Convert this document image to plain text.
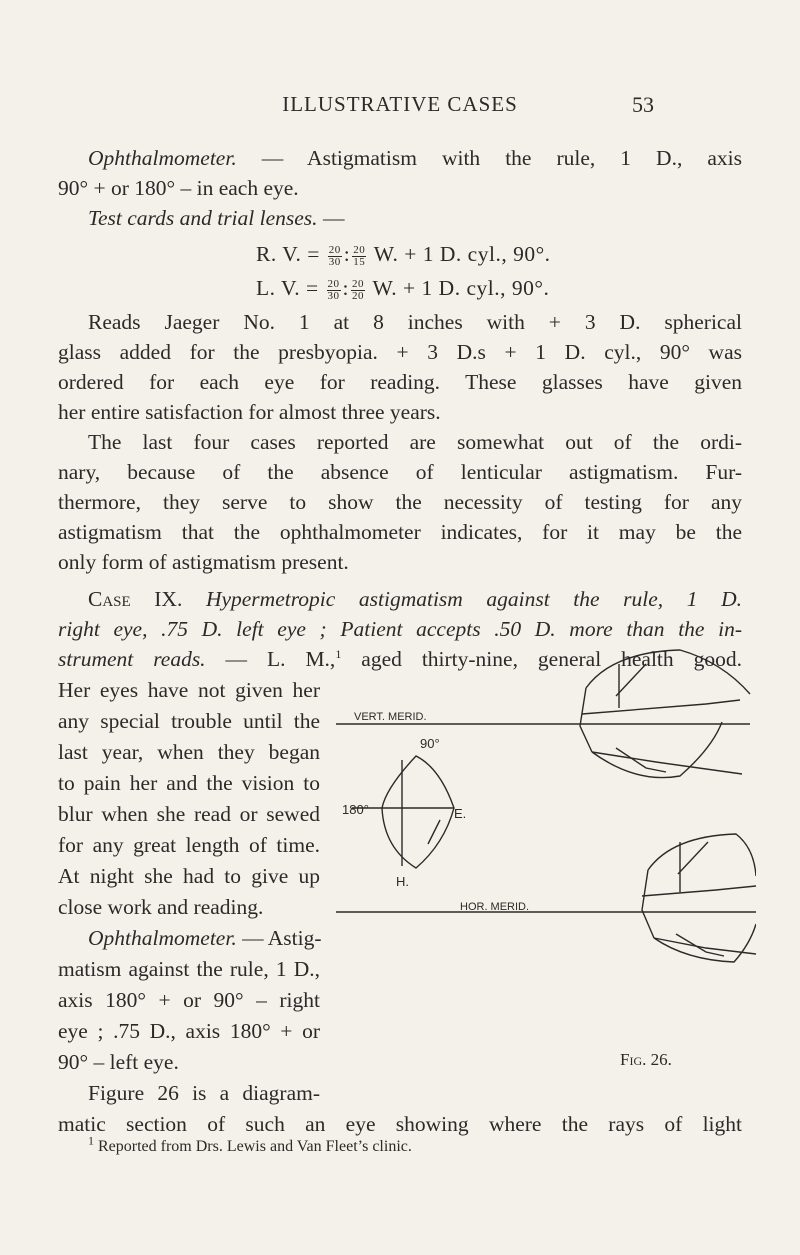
ILLUSTRATIVE CASES	53
Ophthalmometer. — Astigmatism with the rule, 1 D., axis
90° + or 180° – in each eye.
Test cards and trial lenses. —
R. V. = $\frac{20}{30}$ : $\frac{20}{15} W$. + 1 D. cyl., 90°.
L. V. = $\frac{20}{30}$ : $\frac{20}{20} W$. + 1 D. cyl., 90°.
Reads Jaeger No. 1 at 8 inches with + 3 D. spherical
glass added for the presbyopia. + 3 D.s + 1 D. cyl., 90° was
ordered for each eye for reading. These glasses have given
her entire satisfaction for almost three years.
The last four cases reported are somewhat out of the ordi-
nary, because of the absence of lenticular astigmatism. Fur-
thermore, they serve to show the necessity of testing for any
astigmatism that the ophthalmometer indicates, for it may be the
only form of astigmatism present.
Case IX. Hypermetropic astigmatism against the rule, 1 D.
right eye, .75 D. left eye ; Patient accepts .50 D. more than the in-
strument reads. — L. M.,$^1$ aged thirty-nine, general health good.
Her eyes have not given her
any special trouble until the
last year, when they began
to pain her and the vision to
blur when she read or sewed
for any great length of time.
At night she had to give up
close work and reading.
Ophthalmometer. — Astig-
matism against the rule, 1 D.,
axis 180° + or 90° – right
eye ; .75 D., axis 180° + or
90° – left eye.
Figure 26 is a diagram-
matic section of such an eye showing where the rays of light
VERT. MERID.
HOR. MERID.
90°
180°	E.
H.
Fig. 26.
$^1$ Reported from Drs. Lewis and Van Fleet’s clinic.
